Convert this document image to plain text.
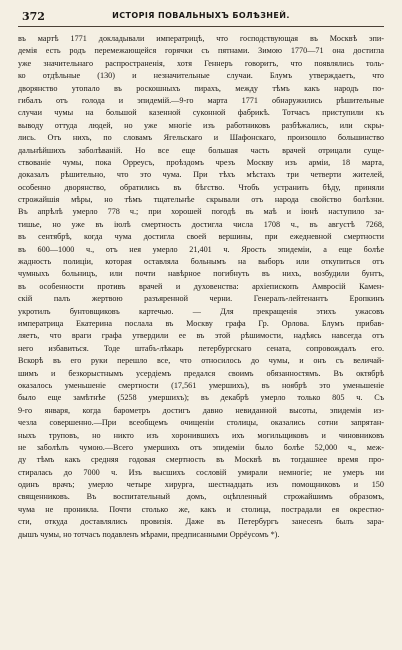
372	ИСТОРІЯ ПОВАЛЬНЫХЪ БОЛѢЗНЕЙ.
въ мартѣ 1771 докладывали императрицѣ, что господствующая въ Москвѣ эпи-
демія есть родъ перемежающейся горячки съ пятнами. Зимою 1770—71 она достигла
уже значительнаго распространенія, хотя Геннеръ говоритъ, что появлялись толь-
ко отдѣльные (130) и незначительные случаи. Блумъ утверждаетъ, что
дворянство утопало въ роскошныхъ пирахъ, между тѣмъ какъ народъ по-
гибалъ отъ голода и эпидемій.—9-го марта 1771 обнаружились рѣшительные
случаи чумы на большой казенной суконной фабрикѣ. Тотчасъ приступили къ
выводу оттуда людей, но уже многіе изъ работниковъ разбѣжались, или скры-
лись. Отъ нихъ, по словамъ Ягельскаго и Шафонскаго, произошло большинство
дальнѣйшихъ заболѣваній. Но все еще большая часть врачей отрицали суще-
ствованіе чумы, пока Орреусъ, проѣздомъ чрезъ Москву изъ арміи, 18 марта,
доказалъ рѣшительно, что это чума. При тѣхъ мѣстахъ три четверти жителей,
особенно дворянство, обратились въ бѣгство. Чтобъ устранить бѣду, приняли
строжайшія мѣры, но тѣмъ тщательнѣе скрывали отъ народа свойство болѣзни.
Въ апрѣлѣ умерло 778 ч.; при хорошей погодѣ въ маѣ и іюнѣ наступило за-
тишье, но уже въ іюлѣ смертность достигла числа 1708 ч., въ августѣ 7268,
въ сентябрѣ, когда чума достигла своей вершины, при ежедневной смертности
въ 600—1000 ч., отъ нея умерло 21,401 ч. Ярость эпидеміи, а еще болѣе
жадность полиціи, которая оставляла больнымъ на выборъ или откупиться отъ
чумныхъ больницъ, или почти навѣрное погибнуть въ нихъ, возбудили бунтъ,
въ особенности противъ врачей и духовенства: архіепископъ Амвросій Камен-
скій палъ жертвою разъяренной черни. Генералъ-лейтенантъ Еропкинъ
укротилъ бунтовщиковъ картечью. — Для прекращенія этихъ ужасовъ
императрица Екатерина послала въ Москву графа Гр. Орлова. Блумъ прибав-
ляетъ, что враги графа утвердили ее въ этой рѣшимости, надѣясь навсегда отъ
него избавиться. Тоде штабъ-лѣкарь петербургскаго сената, сопровождалъ его.
Вскорѣ въ его руки перешло все, что относилось до чумы, и онъ съ величай-
шимъ и безкорыстнымъ усердіемъ предался своимъ обязанностямъ. Въ октябрѣ
оказалось уменьшеніе смертности (17,561 умершихъ), въ ноябрѣ это уменьшеніе
было еще замѣтнѣе (5258 умершихъ); въ декабрѣ умерло только 805 ч. Съ
9-го января, когда барометръ достигъ давно невиданной высоты, эпидемія из-
чезла совершенно.—При всеобщемъ очищеніи столицы, оказались сотни запрятан-
ныхъ труповъ, но никто изъ хоронившихъ ихъ могильщиковъ и чиновниковъ
не заболѣлъ чумою.—Всего умершихъ отъ эпидеміи было болѣе 52,000 ч., меж-
ду тѣмъ какъ средняя годовая смертность въ Москвѣ въ тогдашнее время про-
стиралась до 7000 ч. Изъ высшихъ сословій умирали немногіе; не умеръ ни
одинъ врачъ; умерло четыре хирурга, шестнадцать изъ помощниковъ и 150
священниковъ. Въ воспитательный домъ, оцѣпленный строжайшимъ образомъ,
чума не проникла. Почти столько же, какъ и столица, пострадали ея окрестно-
сти, откуда доставлялись провизія. Даже въ Петербургъ занесенъ былъ зара-
дышъ чумы, но тотчасъ подавленъ мѣрами, предписанными Оррёусомъ *).
